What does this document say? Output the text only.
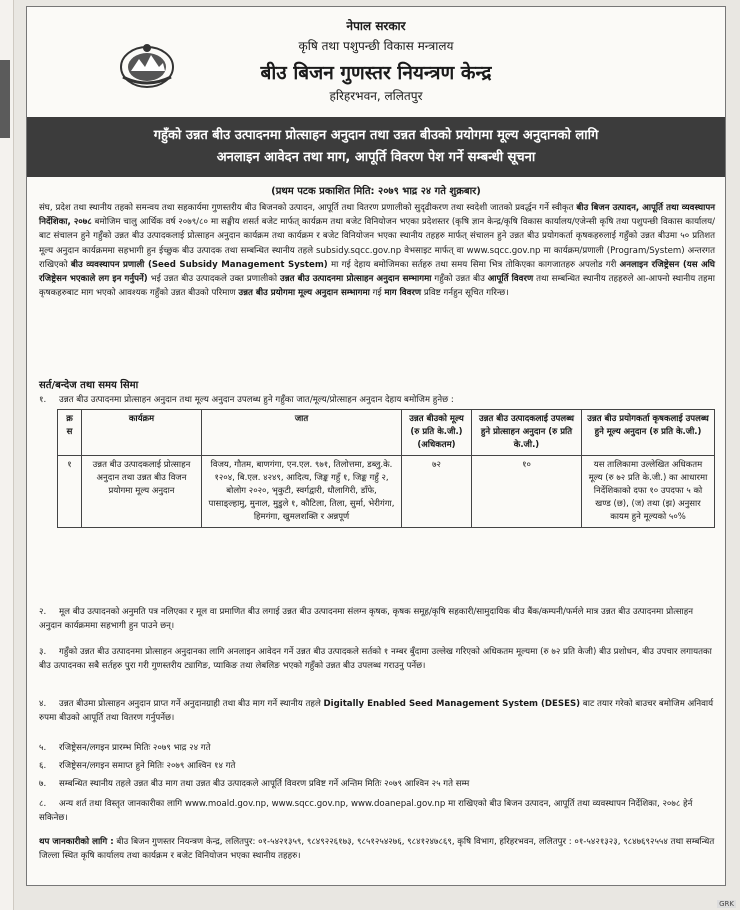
नेपाल सरकार
कृषि तथा पशुपन्छी विकास मन्त्रालय
बीउ बिजन गुणस्तर नियन्त्रण केन्द्र
हरिहरभवन, ललितपुर
गहुँको उन्नत बीउ उत्पादनमा प्रोत्साहन अनुदान तथा उन्नत बीउको प्रयोगमा मूल्य अनुदानको लागि
अनलाइन आवेदन तथा माग, आपूर्ति विवरण पेश गर्ने सम्बन्धी सूचना
(प्रथम पटक प्रकाशित मिति: २०७९ भाद्र २४ गते शुक्रबार)
संघ, प्रदेश तथा स्थानीय तहको समन्वय तथा सहकार्यमा गुणस्तरीय बीउ बिजनको उत्पादन, आपूर्ति तथा वितरण प्रणालीको सुदृढीकरण तथा स्वदेशी जातको प्रवर्द्धन गर्ने स्वीकृत बीउ बिजन उत्पादन, आपूर्ति तथा व्यवस्थापन निर्देशिका, २०७८ बमोजिम चालु आर्थिक वर्ष २०७९/८० मा सङ्घीय शसर्त बजेट मार्फत् कार्यक्रम तथा बजेट विनियोजन भएका प्रदेशस्तर (कृषि ज्ञान केन्द्र/कृषि विकास कार्यालय/एजेन्सी कृषि तथा पशुपन्छी विकास कार्यालय/बाट संचालन हुने गहुँको उन्नत बीउ उत्पादकलाई प्रोत्साहन अनुदान कार्यक्रम तथा कार्यक्रम र बजेट विनियोजन भएका स्थानीय तहहरु मार्फत् संचालन हुने उन्नत बीउ प्रयोगकर्ता कृषकहरुलाई गहुँको उन्नत बीउमा ५० प्रतिशत मूल्य अनुदान कार्यक्रममा सहभागी हुन ईच्छुक बीउ उत्पादक तथा सम्बन्धित स्थानीय तहले subsidy.sqcc.gov.np वेभसाइट मार्फत् वा www.sqcc.gov.np मा कार्यक्रम/प्रणाली (Program/System) अन्तरगत राखिएको बीउ व्यवस्थापन प्रणाली (Seed Subsidy Management System) मा गई देहाय बमोजिमका सर्तहरु तथा समय सिमा भित्र तोकिएका कागजातहरु अपलोड गरी अनलाइन रजिष्ट्रेसन (यस अघि रजिष्ट्रेसन भएकाले लग इन गर्नुपर्ने) भई उन्नत बीउ उत्पादकले उक्त प्रणालीको उन्नत बीउ उत्पादनमा प्रोत्साहन अनुदान सम्भागमा गहुँको उन्नत बीउ आपूर्ति विवरण तथा सम्बन्धित स्थानीय तहहरुले आ-आफ्नो स्थानीय तहमा कृषकहरुबाट माग भएको आवश्यक गहुँको उन्नत बीउको परिमाण उन्नत बीउ प्रयोगमा मूल्य अनुदान सम्भागमा गई माग विवरण प्रविष्ट गर्नहुन सूचित गरिन्छ।
सर्त/बन्देज तथा समय सिमा
१. उन्नत बीउ उत्पादनमा प्रोत्साहन अनुदान तथा मूल्य अनुदान उपलब्ध हुने गहुँका जात/मूल्य/प्रोत्साहन अनुदान देहाय बमोजिम हुनेछ :
क्र स	कार्यक्रम	जात	उन्नत बीउको मूल्य (रु प्रति के.जी.) (अधिकतम)	उन्नत बीउ उत्पादकलाई उपलब्ध हुने प्रोत्साहन अनुदान (रु प्रति के.जी.)	उन्नत बीउ प्रयोगकर्ता कृषकलाई उपलब्ध हुने मूल्य अनुदान (रु प्रति के.जी.)
१	उन्नत बीउ उत्पादकलाई प्रोत्साहन अनुदान तथा उन्नत बीउ विजन प्रयोगमा मूल्य अनुदान	विजय, गौतम, बाणगंगा, एन.एल. ९७१, तिलोत्तमा, डब्लु.के. १२०४, बि.एल. ४२४९, आदित्य, जिङ्क गहुँ १, जिङ्क गहुँ २, बोलोग २०२०, भृकुटी, स्वर्गद्वारी, धौलागिरी, डाँफे, पासाङ्ल्हामु, मुनाल, मुडुले १, कौटिला, तिला, सुर्मा, भेरीगंगा, हिमगंगा, खुमलशक्ति र अन्नपूर्ण	७२	१०	यस तालिकामा उल्लेखित अधिकतम मूल्य (रु ७२ प्रति के.जी.) का आधारमा निर्देशिकाको दफा १० उपदफा ५ को खण्ड (छ), (ज) तथा (झ) अनुसार कायम हुने मूल्यको ५०%
२. मूल बीउ उत्पादनको अनुमति पत्र नलिएका र मूल वा प्रमाणित बीउ लगाई उन्नत बीउ उत्पादनमा संलग्न कृषक, कृषक समूह/कृषि सहकारी/सामुदायिक बीउ बैंक/कम्पनी/फर्मले मात्र उन्नत बीउ उत्पादनमा प्रोत्साहन अनुदान कार्यक्रममा सहभागी हुन पाउने छन्।
३. गहुँको उन्नत बीउ उत्पादनमा प्रोत्साहन अनुदानका लागि अनलाइन आवेदन गर्ने उन्नत बीउ उत्पादकले सर्तको १ नम्बर बुँदामा उल्लेख गरिएको अधिकतम मूल्यमा (रु ७२ प्रति केजी) बीउ प्रशोधन, बीउ उपचार लगायतका बीउ उत्पादनका सबै सर्तहरु पुरा गरी गुणस्तरीय ट्यागिङ, प्याकिङ तथा लेबलिङ भएको गहुँको उन्नत बीउ उपलब्ध गराउनु पर्नेछ।
४. उन्नत बीउमा प्रोत्साहन अनुदान प्राप्त गर्ने अनुदानग्राही तथा बीउ माग गर्ने स्थानीय तहले Digitally Enabled Seed Management System (DESES) बाट तयार गरेको बाउचर बमोजिम अनिवार्य रुपमा बीउको आपूर्ति तथा वितरण गर्नुपर्नेछ।
५. रजिष्ट्रेसन/लगइन प्रारम्भ मितिः २०७९ भाद्र २४ गते
६. रजिष्ट्रेसन/लगइन समाप्त हुने मितिः २०७९ आश्विन १४ गते
७. सम्बन्धित स्थानीय तहले उन्नत बीउ माग तथा उन्नत बीउ उत्पादकले आपूर्ति विवरण प्रविष्ट गर्ने अन्तिम मितिः २०७९ आश्विन २५ गते सम्म
८. अन्य शर्त तथा विस्तृत जानकारीका लागि www.moald.gov.np, www.sqcc.gov.np, www.doanepal.gov.np मा राखिएको बीउ बिजन उत्पादन, आपूर्ति तथा व्यवस्थापन निर्देशिका, २०७८ हेर्न सकिनेछ।
थप जानकारीको लागि : बीउ बिजन गुणस्तर नियन्त्रण केन्द्र, ललितपुर: ०१-५४२१३५९, ९८४९२२६१७३, ९८५१२५४२७६, ९८४१२४७८६९, कृषि विभाग, हरिहरभवन, ललितपुर : ०१-५४२१३२३, ९८४७६९२५५४ तथा सम्बन्धित जिल्ला स्थित कृषि कार्यालय तथा कार्यक्रम र बजेट विनियोजन भएका स्थानीय तहहरु।
GRK
